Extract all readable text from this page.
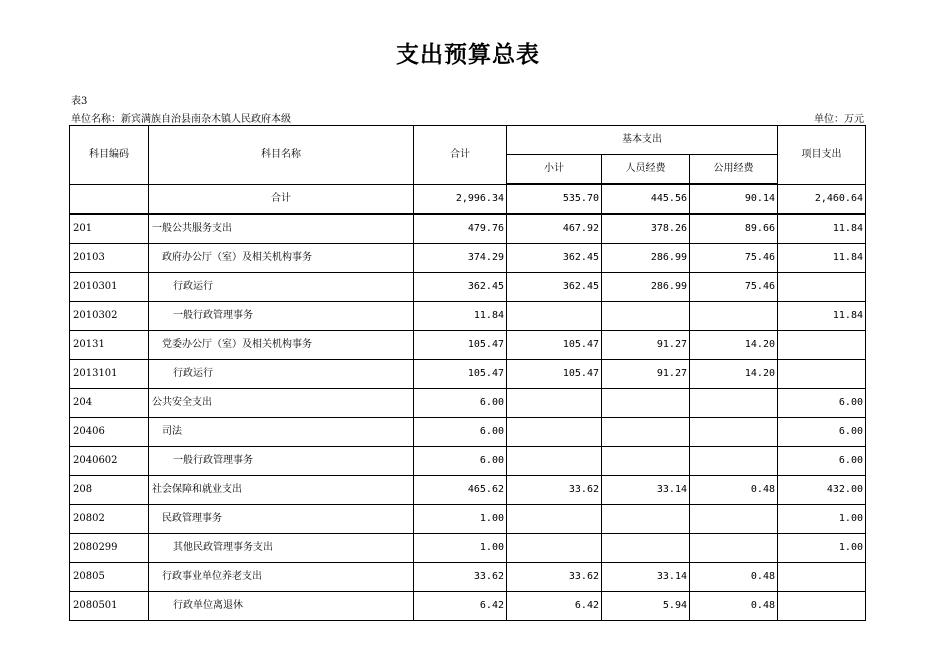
支出预算总表
表3
单位名称：新宾满族自治县南杂木镇人民政府本级	单位：万元
科目编码	科目名称	合计	基本支出			项目支出
			小计	人员经费	公用经费	
	合计	2,996.34	535.70	445.56	90.14	2,460.64
201	一般公共服务支出	479.76	467.92	378.26	89.66	11.84
20103	政府办公厅（室）及相关机构事务	374.29	362.45	286.99	75.46	11.84
2010301	行政运行	362.45	362.45	286.99	75.46	
2010302	一般行政管理事务	11.84				11.84
20131	党委办公厅（室）及相关机构事务	105.47	105.47	91.27	14.20	
2013101	行政运行	105.47	105.47	91.27	14.20	
204	公共安全支出	6.00				6.00
20406	司法	6.00				6.00
2040602	一般行政管理事务	6.00				6.00
208	社会保障和就业支出	465.62	33.62	33.14	0.48	432.00
20802	民政管理事务	1.00				1.00
2080299	其他民政管理事务支出	1.00				1.00
20805	行政事业单位养老支出	33.62	33.62	33.14	0.48	
2080501	行政单位离退休	6.42	6.42	5.94	0.48	
